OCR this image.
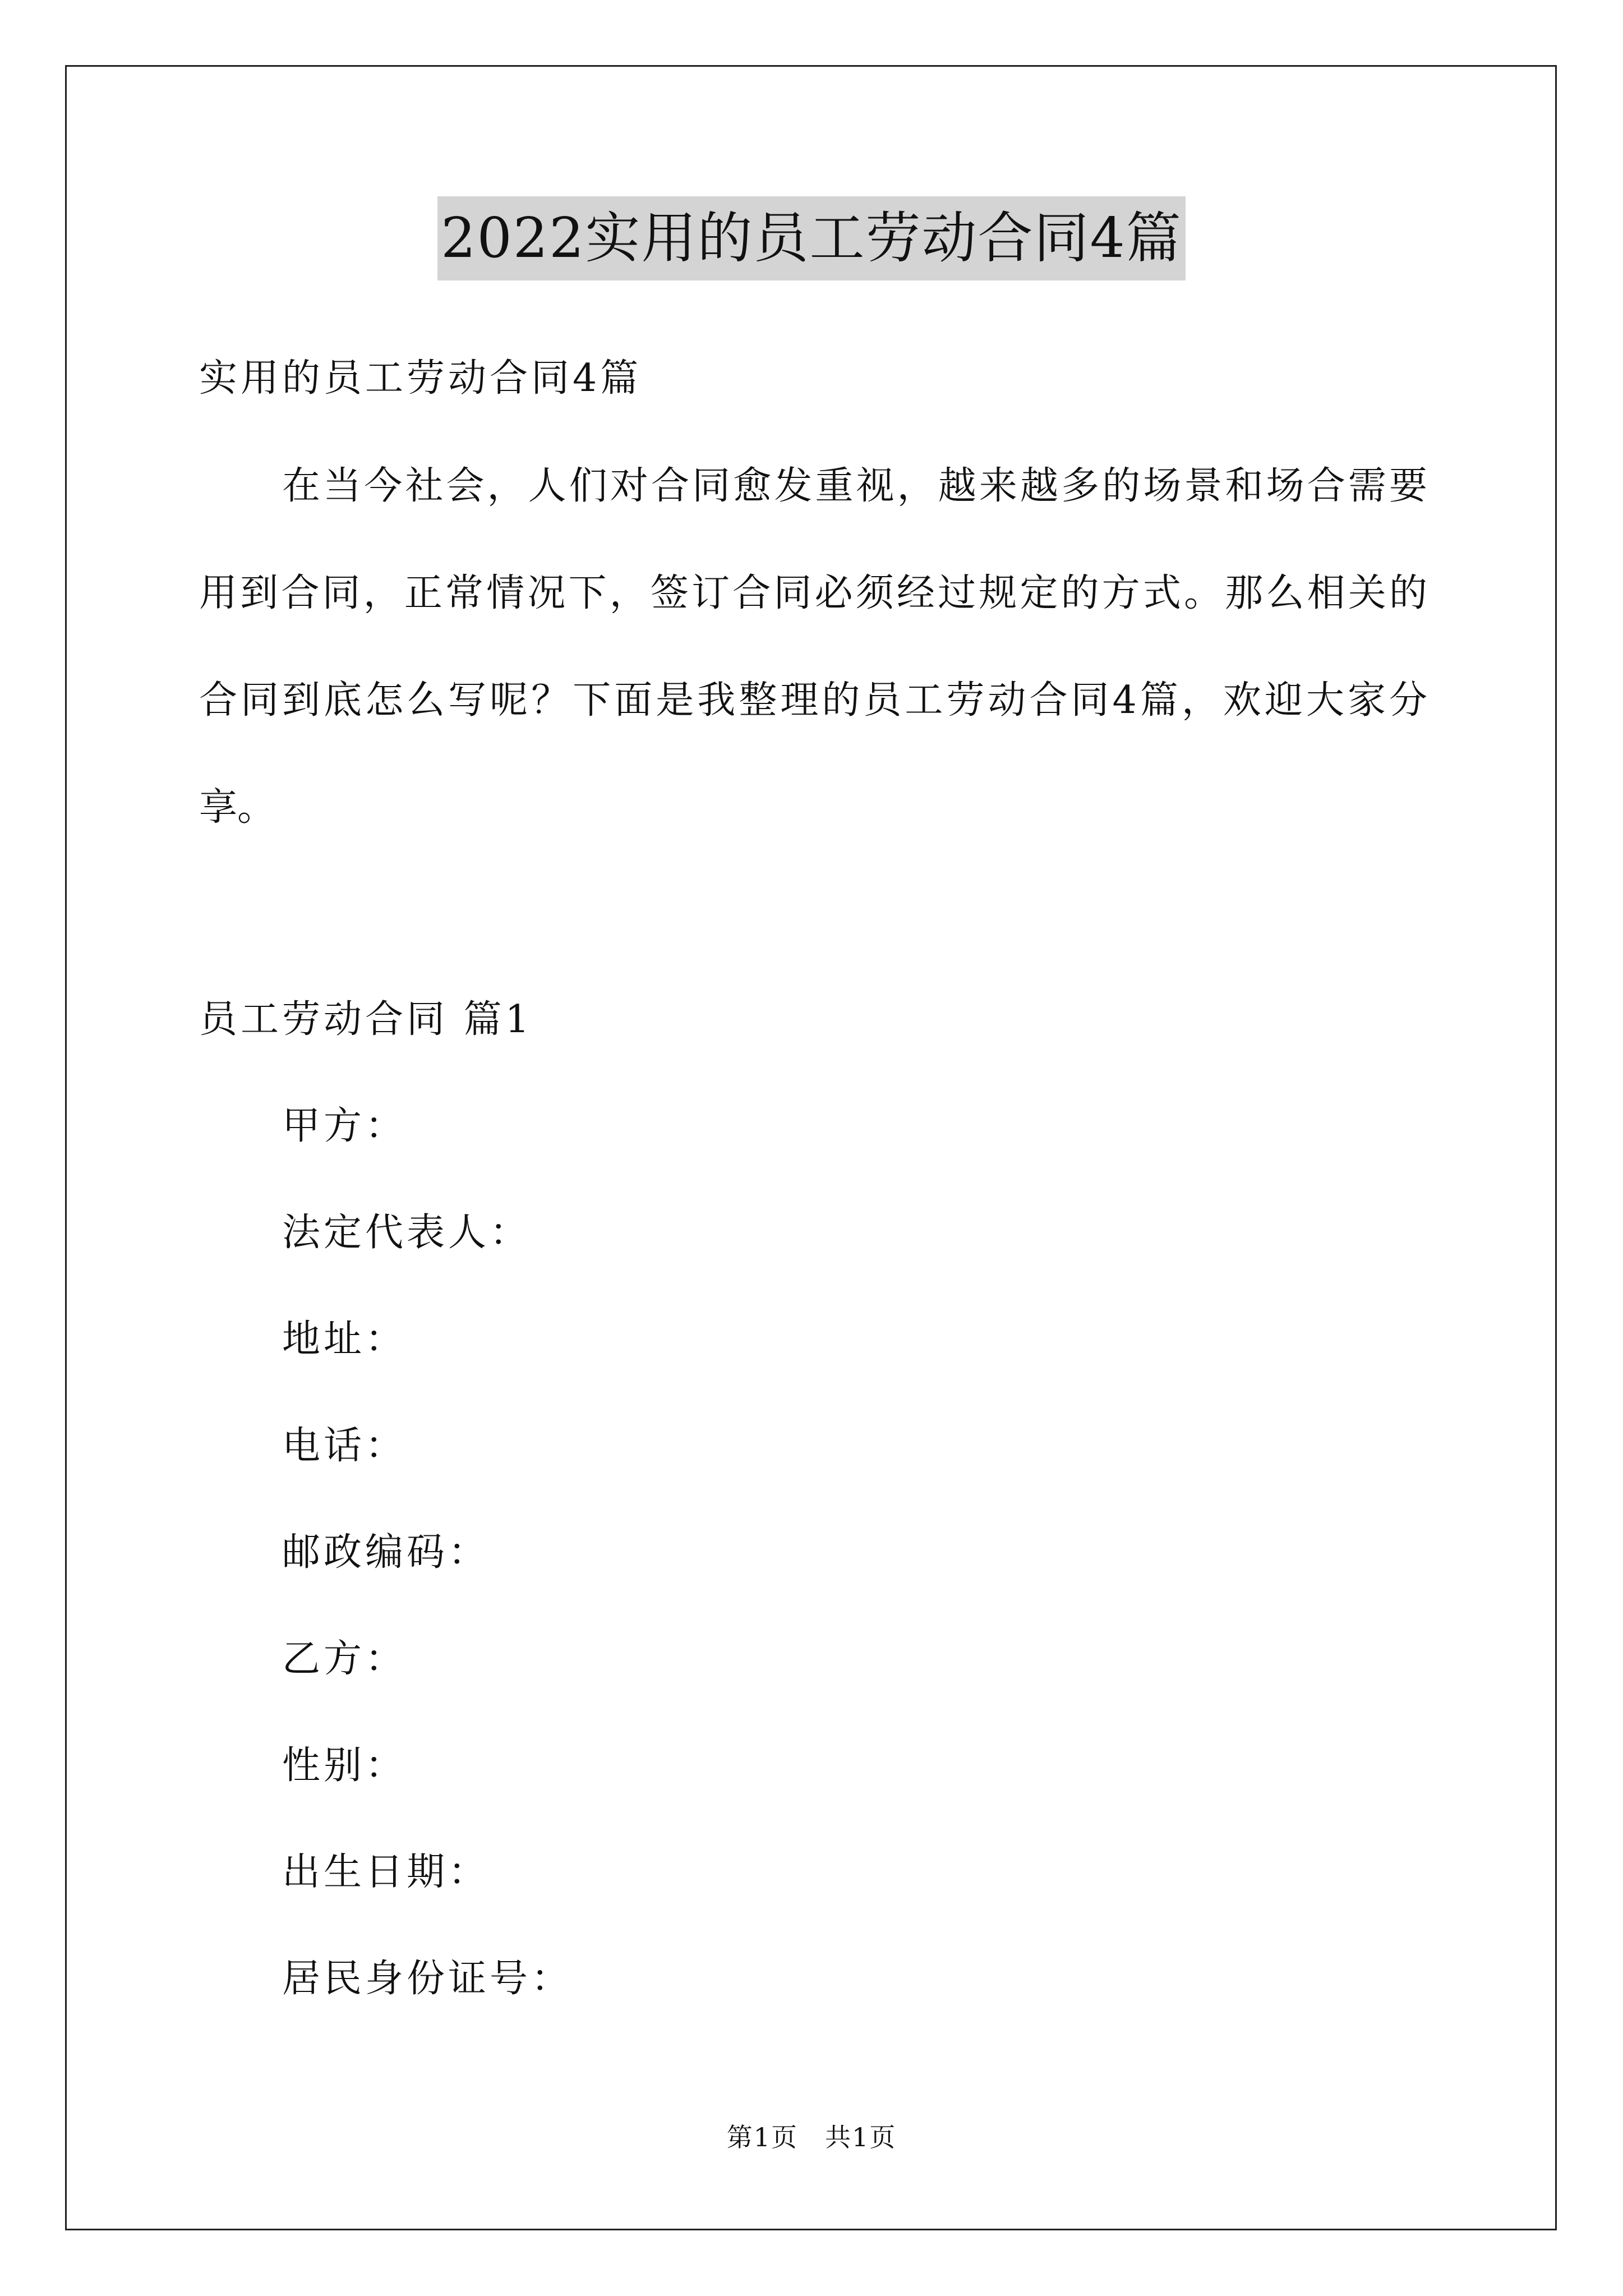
2022实用的员工劳动合同4篇
实用的员工劳动合同4篇
在当今社会，人们对合同愈发重视，越来越多的场景和场合需要
用到合同，正常情况下，签订合同必须经过规定的方式。那么相关的
合同到底怎么写呢？下面是我整理的员工劳动合同4篇，欢迎大家分
享。
员工劳动合同 篇1
甲方：
法定代表人：
地址：
电话：
邮政编码：
乙方：
性别：
出生日期：
居民身份证号：
第1页　共1页
